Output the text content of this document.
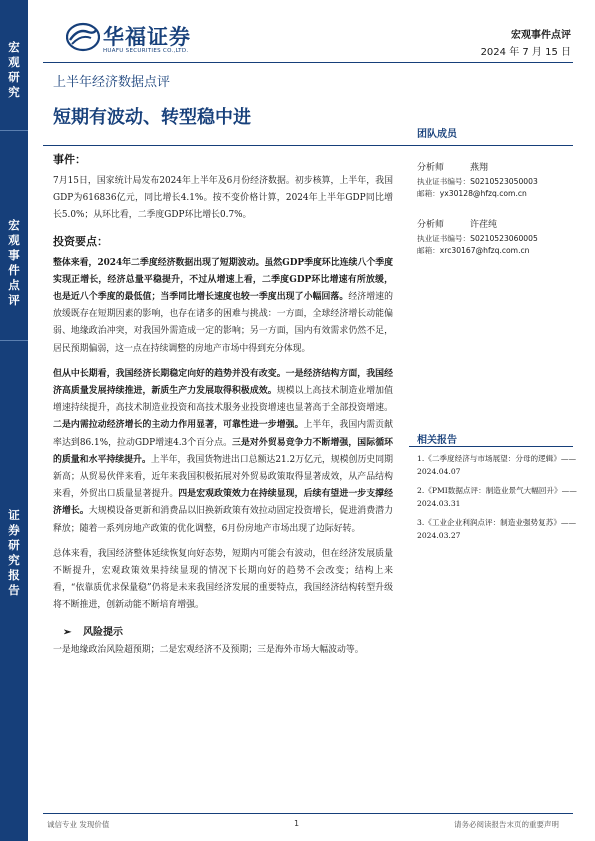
宏观研究
宏观事件点评
证券研究报告
华福证券
HUAFU SECURITIES CO.,LTD.
宏观事件点评
2024 年 7 月 15 日
上半年经济数据点评
短期有波动、转型稳中进
团队成员
分析师	燕翔
执业证书编号：S0210523050003
邮箱：yx30128@hfzq.com.cn
分析师	许荏纯
执业证书编号：S0210523060005
邮箱：xrc30167@hfzq.com.cn
相关报告
1.《二季度经济与市场展望：分母的逻辑》——2024.04.07
2.《PMI数据点评：制造业景气大幅回升》——2024.03.31
3.《工业企业利润点评：制造业强势复苏》——2024.03.27
事件：

7月15日，国家统计局发布2024年上半年及6月份经济数据。初步核算，上半年，我国GDP为616836亿元，同比增长4.1%。按不变价格计算，2024年上半年GDP同比增长5.0%；从环比看，二季度GDP环比增长0.7%。

投资要点：

整体来看，2024年二季度经济数据出现了短期波动。虽然GDP季度环比连续八个季度实现正增长，经济总量平稳提升，不过从增速上看，二季度GDP环比增速有所放缓，也是近八个季度的最低值；当季同比增长速度也较一季度出现了小幅回落。经济增速的放缓既存在短期因素的影响，也存在诸多的困难与挑战：一方面，全球经济增长动能偏弱、地缘政治冲突，对我国外需造成一定的影响；另一方面，国内有效需求仍然不足，居民预期偏弱，这一点在持续调整的房地产市场中得到充分体现。

但从中长期看，我国经济长期稳定向好的趋势并没有改变。一是经济结构方面，我国经济高质量发展持续推进，新质生产力发展取得积极成效。规模以上高技术制造业增加值增速持续提升，高技术制造业投资和高技术服务业投资增速也显著高于全部投资增速。二是内需拉动经济增长的主动力作用显著，可靠性进一步增强。上半年，我国内需贡献率达到86.1%，拉动GDP增速4.3个百分点。三是对外贸易竞争力不断增强，国际循环的质量和水平持续提升。上半年，我国货物进出口总额达21.2万亿元，规模创历史同期新高；从贸易伙伴来看，近年来我国积极拓展对外贸易政策取得显著成效，从产品结构来看，外贸出口质量显著提升。四是宏观政策效力在持续显现，后续有望进一步支撑经济增长。大规模设备更新和消费品以旧换新政策有效拉动固定投资增长，促进消费潜力释放；随着一系列房地产政策的优化调整，6月份房地产市场出现了边际好转。

总体来看，我国经济整体延续恢复向好态势，短期内可能会有波动，但在经济发展质量不断提升，宏观政策效果持续显现的情况下长期向好的趋势不会改变；结构上来看，“依靠质优求保量稳”仍将是未来我国经济发展的重要特点，我国经济结构转型升级将不断推进，创新动能不断培育增强。

➢ 风险提示

一是地缘政治风险超预期；二是宏观经济不及预期；三是海外市场大幅波动等。

诚信专业 发现价值	1	请务必阅读报告末页的重要声明
